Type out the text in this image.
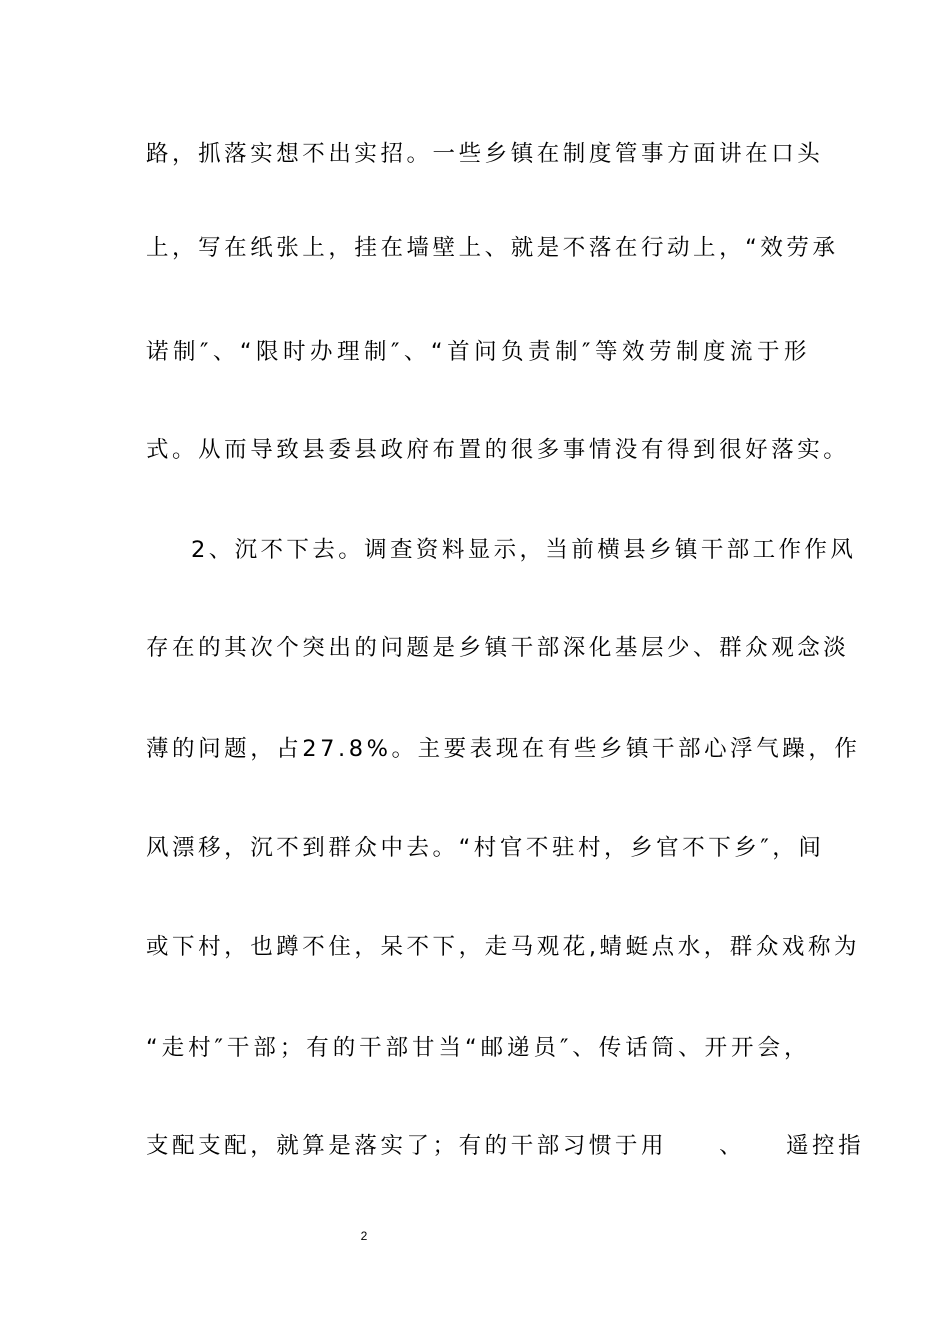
路，抓落实想不出实招。一些乡镇在制度管事方面讲在口头
上，写在纸张上，挂在墙壁上、就是不落在行动上，“效劳承
诺制″、“限时办理制″、“首问负责制″等效劳制度流于形
式。从而导致县委县政府布置的很多事情没有得到很好落实。
2、沉不下去。调查资料显示，当前横县乡镇干部工作作风
存在的其次个突出的问题是乡镇干部深化基层少、群众观念淡
薄的问题，占27.8%。主要表现在有些乡镇干部心浮气躁，作
风漂移，沉不到群众中去。“村官不驻村，乡官不下乡″，间
或下村，也蹲不住，呆不下，走马观花,蜻蜓点水，群众戏称为
“走村″干部；有的干部甘当“邮递员″、传话筒、开开会，
支配支配，就算是落实了；有的干部习惯于用　　、　　遥控指
2
